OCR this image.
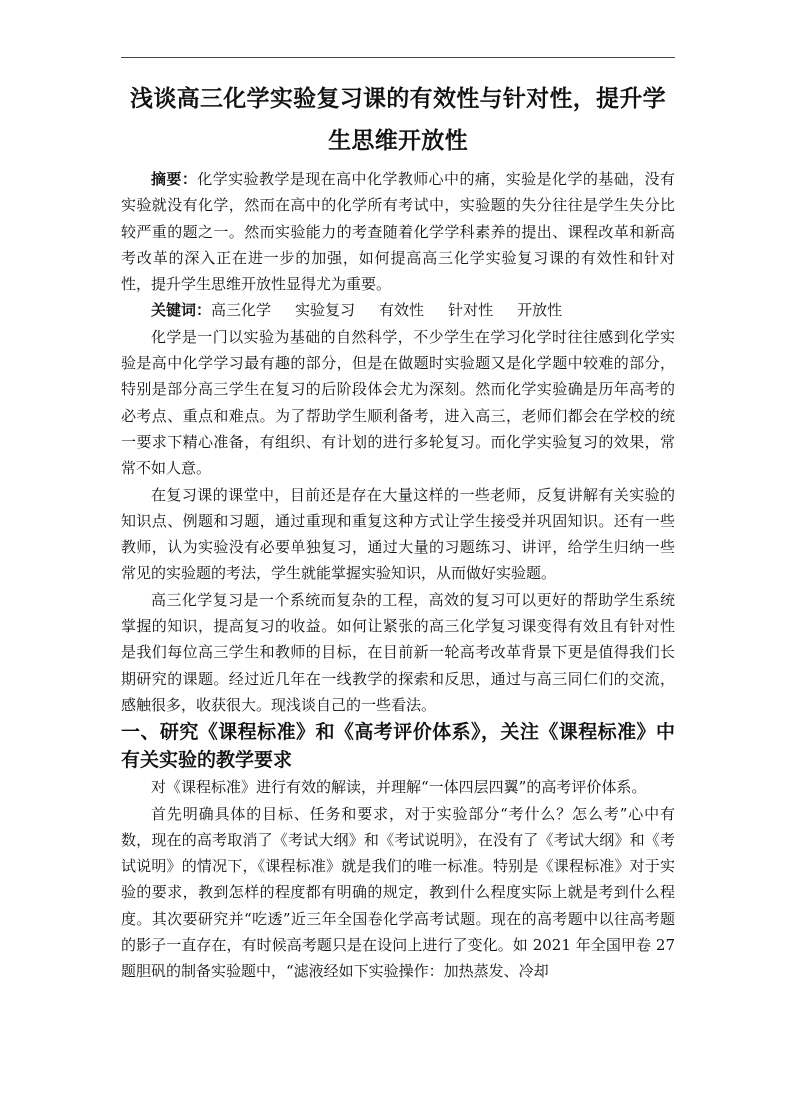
浅谈高三化学实验复习课的有效性与针对性，提升学生思维开放性

摘要：化学实验教学是现在高中化学教师心中的痛，实验是化学的基础，没有实验就没有化学，然而在高中的化学所有考试中，实验题的失分往往是学生失分比较严重的题之一。然而实验能力的考查随着化学学科素养的提出、课程改革和新高考改革的深入正在进一步的加强，如何提高高三化学实验复习课的有效性和针对性，提升学生思维开放性显得尤为重要。

关键词：高三化学 实验复习 有效性 针对性 开放性

化学是一门以实验为基础的自然科学，不少学生在学习化学时往往感到化学实验是高中化学学习最有趣的部分，但是在做题时实验题又是化学题中较难的部分，特别是部分高三学生在复习的后阶段体会尤为深刻。然而化学实验确是历年高考的必考点、重点和难点。为了帮助学生顺利备考，进入高三，老师们都会在学校的统一要求下精心准备，有组织、有计划的进行多轮复习。而化学实验复习的效果，常常不如人意。

在复习课的课堂中，目前还是存在大量这样的一些老师，反复讲解有关实验的知识点、例题和习题，通过重现和重复这种方式让学生接受并巩固知识。还有一些教师，认为实验没有必要单独复习，通过大量的习题练习、讲评，给学生归纳一些常见的实验题的考法，学生就能掌握实验知识，从而做好实验题。

高三化学复习是一个系统而复杂的工程，高效的复习可以更好的帮助学生系统掌握的知识，提高复习的收益。如何让紧张的高三化学复习课变得有效且有针对性是我们每位高三学生和教师的目标，在目前新一轮高考改革背景下更是值得我们长期研究的课题。经过近几年在一线教学的探索和反思，通过与高三同仁们的交流，感触很多，收获很大。现浅谈自己的一些看法。

一、研究《课程标准》和《高考评价体系》，关注《课程标准》中有关实验的教学要求

对《课程标准》进行有效的解读，并理解“一体四层四翼”的高考评价体系。

首先明确具体的目标、任务和要求，对于实验部分“考什么？怎么考”心中有数，现在的高考取消了《考试大纲》和《考试说明》，在没有了《考试大纲》和《考试说明》的情况下，《课程标准》就是我们的唯一标准。特别是《课程标准》对于实验的要求，教到怎样的程度都有明确的规定，教到什么程度实际上就是考到什么程度。其次要研究并“吃透”近三年全国卷化学高考试题。现在的高考题中以往高考题的影子一直存在，有时候高考题只是在设问上进行了变化。如 2021 年全国甲卷 27 题胆矾的制备实验题中，“滤液经如下实验操作：加热蒸发、冷却
